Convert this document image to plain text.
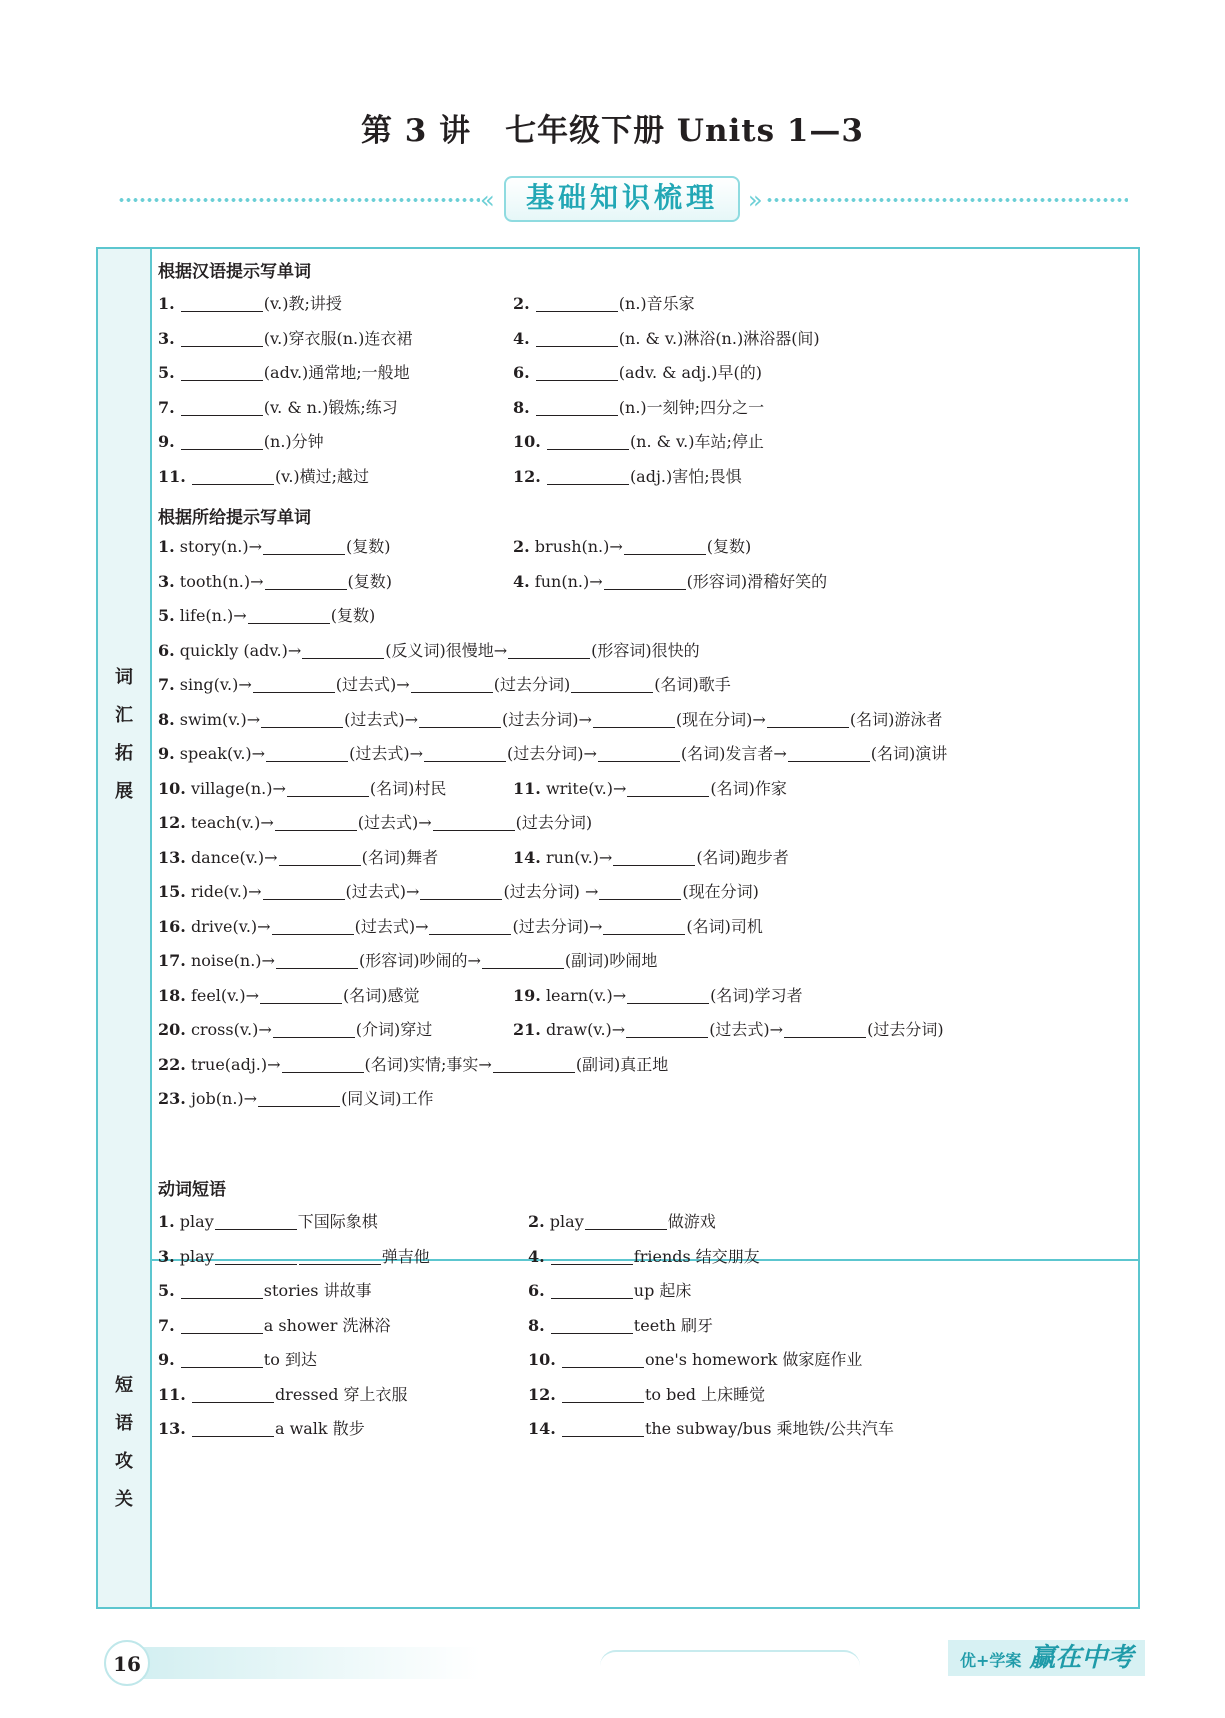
第 3 讲 七年级下册 Units 1—3
«	基础知识梳理	»
词
汇
拓
展
短
语
攻
关
根据汉语提示写单词
1.	(v.)教;讲授	2.	(n.)音乐家
3.	(v.)穿衣服(n.)连衣裙	4.	(n. & v.)淋浴(n.)淋浴器(间)
5.	(adv.)通常地;一般地	6.	(adv. & adj.)早(的)
7.	(v. & n.)锻炼;练习	8.	(n.)一刻钟;四分之一
9.	(n.)分钟	10.	(n. & v.)车站;停止
11.	(v.)横过;越过	12.	(adj.)害怕;畏惧
根据所给提示写单词
1. story(n.)→	(复数)	2. brush(n.)→	(复数)
3. tooth(n.)→	(复数)	4. fun(n.)→	(形容词)滑稽好笑的
5. life(n.)→	(复数)
6. quickly (adv.)→	(反义词)很慢地→	(形容词)很快的
7. sing(v.)→	(过去式)→	(过去分词)	(名词)歌手
8. swim(v.)→	(过去式)→	(过去分词)→	(现在分词)→	(名词)游泳者
9. speak(v.)→	(过去式)→	(过去分词)→	(名词)发言者→	(名词)演讲
10. village(n.)→	(名词)村民	11. write(v.)→	(名词)作家
12. teach(v.)→	(过去式)→	(过去分词)
13. dance(v.)→	(名词)舞者	14. run(v.)→	(名词)跑步者
15. ride(v.)→	(过去式)→	(过去分词) →	(现在分词)
16. drive(v.)→	(过去式)→	(过去分词)→	(名词)司机
17. noise(n.)→	(形容词)吵闹的→	(副词)吵闹地
18. feel(v.)→	(名词)感觉	19. learn(v.)→	(名词)学习者
20. cross(v.)→	(介词)穿过	21. draw(v.)→	(过去式)→	(过去分词)
22. true(adj.)→	(名词)实情;事实→	(副词)真正地
23. job(n.)→	(同义词)工作
动词短语
1. play	下国际象棋	2. play	做游戏
3. play	弹吉他	4.	friends 结交朋友
5.	stories 讲故事	6.	up 起床
7.	a shower 洗淋浴	8.	teeth 刷牙
9.	to 到达	10.	one's homework 做家庭作业
11.	dressed 穿上衣服	12.	to bed 上床睡觉
13.	a walk 散步	14.	the subway/bus 乘地铁/公共汽车
16	优+学案 赢在中考
